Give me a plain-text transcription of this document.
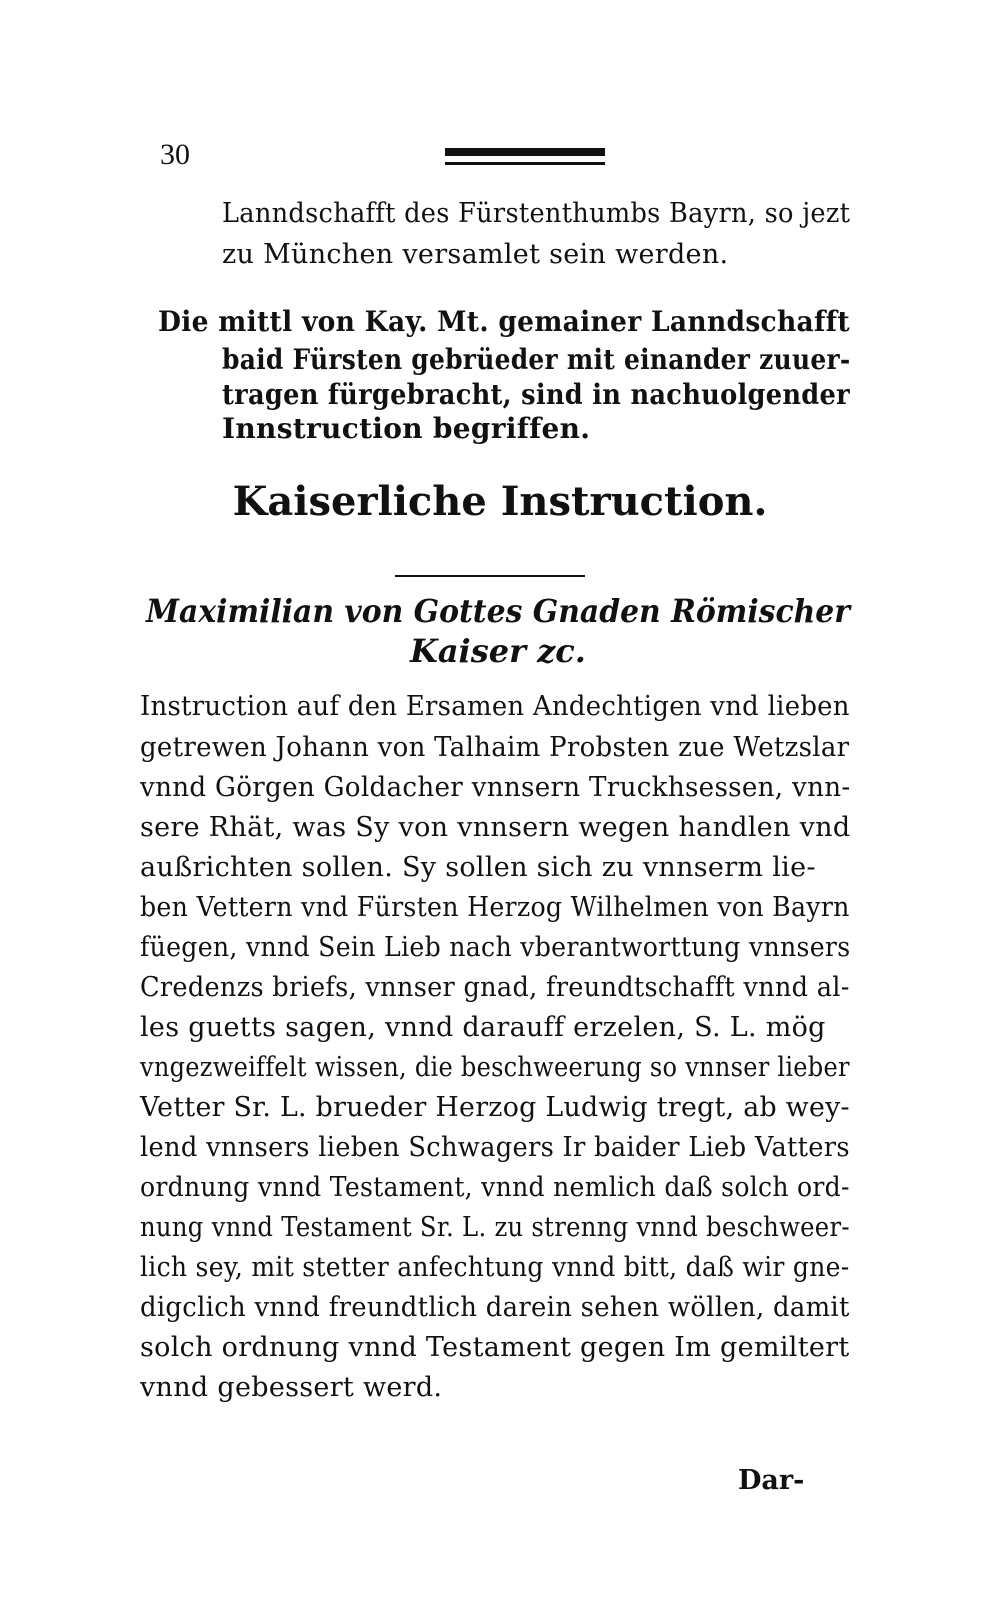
30
Lanndschafft des Fürstenthumbs Bayrn, so jezt
zu München versamlet sein werden.
Die mittl von Kay. Mt. gemainer Lanndschafft
baid Fürsten gebrüeder mit einander zuuer-
tragen fürgebracht, sind in nachuolgender
Innstruction begriffen.
Kaiserliche Instruction.
Maximilian von Gottes Gnaden Römischer
Kaiser zc.
Instruction auf den Ersamen Andechtigen vnd lieben
getrewen Johann von Talhaim Probsten zue Wetzslar
vnnd Görgen Goldacher vnnsern Truckhsessen, vnn-
sere Rhät, was Sy von vnnsern wegen handlen vnd
außrichten sollen. Sy sollen sich zu vnnserm lie-
ben Vettern vnd Fürsten Herzog Wilhelmen von Bayrn
füegen, vnnd Sein Lieb nach vberantworttung vnnsers
Credenzs briefs, vnnser gnad, freundtschafft vnnd al-
les guetts sagen, vnnd darauff erzelen, S. L. mög
vngezweiffelt wissen, die beschweerung so vnnser lieber
Vetter Sr. L. brueder Herzog Ludwig tregt, ab wey-
lend vnnsers lieben Schwagers Ir baider Lieb Vatters
ordnung vnnd Testament, vnnd nemlich daß solch ord-
nung vnnd Testament Sr. L. zu strenng vnnd beschweer-
lich sey, mit stetter anfechtung vnnd bitt, daß wir gne-
digclich vnnd freundtlich darein sehen wöllen, damit
solch ordnung vnnd Testament gegen Im gemiltert
vnnd gebessert werd.
Dar-
